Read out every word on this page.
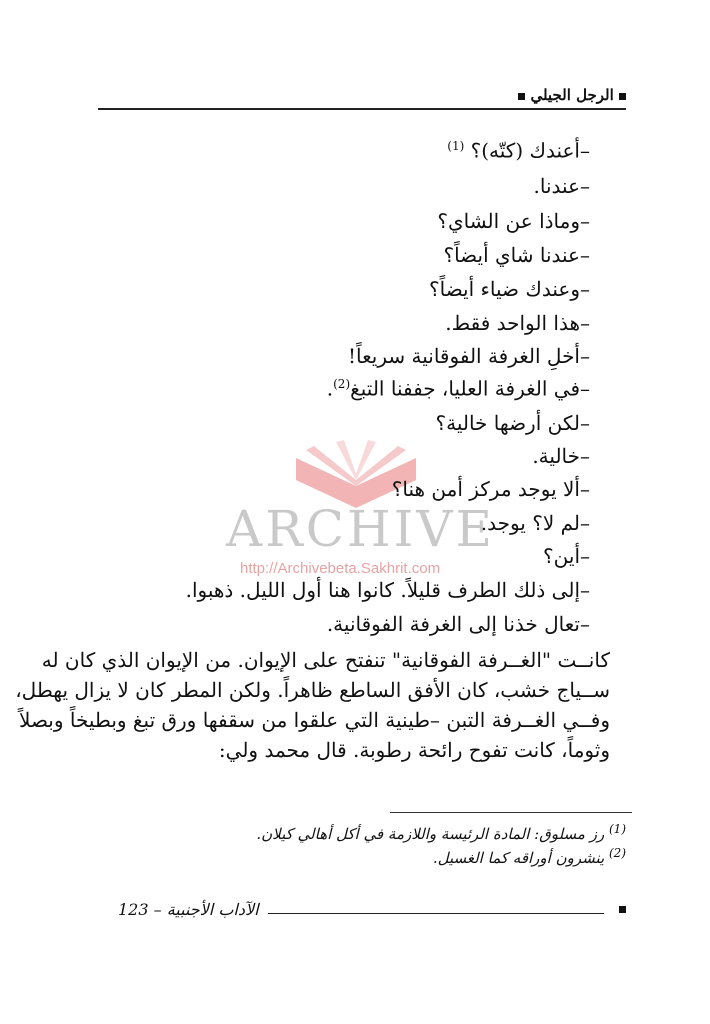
الرجل الجيلي
ARCHIVE
http://Archivebeta.Sakhrit.com
–أعندك (كتّه)؟ $^{(1)}$
–عندنا.
–وماذا عن الشاي؟
–عندنا شاي أيضاً؟
–وعندك ضياء أيضاً؟
–هذا الواحد فقط.
–أخلِ الغرفة الفوقانية سريعاً!
–في الغرفة العليا، جففنا التبغ$^{(2)}$.
–لكن أرضها خالية؟
–خالية.
–ألا يوجد مركز أمن هنا؟
–لم لا؟ يوجد.
–أين؟
–إلى ذلك الطرف قليلاً. كانوا هنا أول الليل. ذهبوا.
–تعال خذنا إلى الغرفة الفوقانية.
كانــت "الغــرفة الفوقانية" تنفتح على الإيوان. من الإيوان الذي كان له
ســياج خشب، كان الأفق الساطع ظاهراً. ولكن المطر كان لا يزال يهطل،
وفــي الغــرفة التبن –طينية التي علقوا من سقفها ورق تبغ وبطيخاً وبصلاً
وثوماً، كانت تفوح رائحة رطوبة. قال محمد ولي:
$^{(1)}$ رز مسلوق: المادة الرئيسة واللازمة في أكل أهالي كيلان.
$^{(2)}$ ينشرون أوراقه كما الغسيل.
الآداب الأجنبية – 123
